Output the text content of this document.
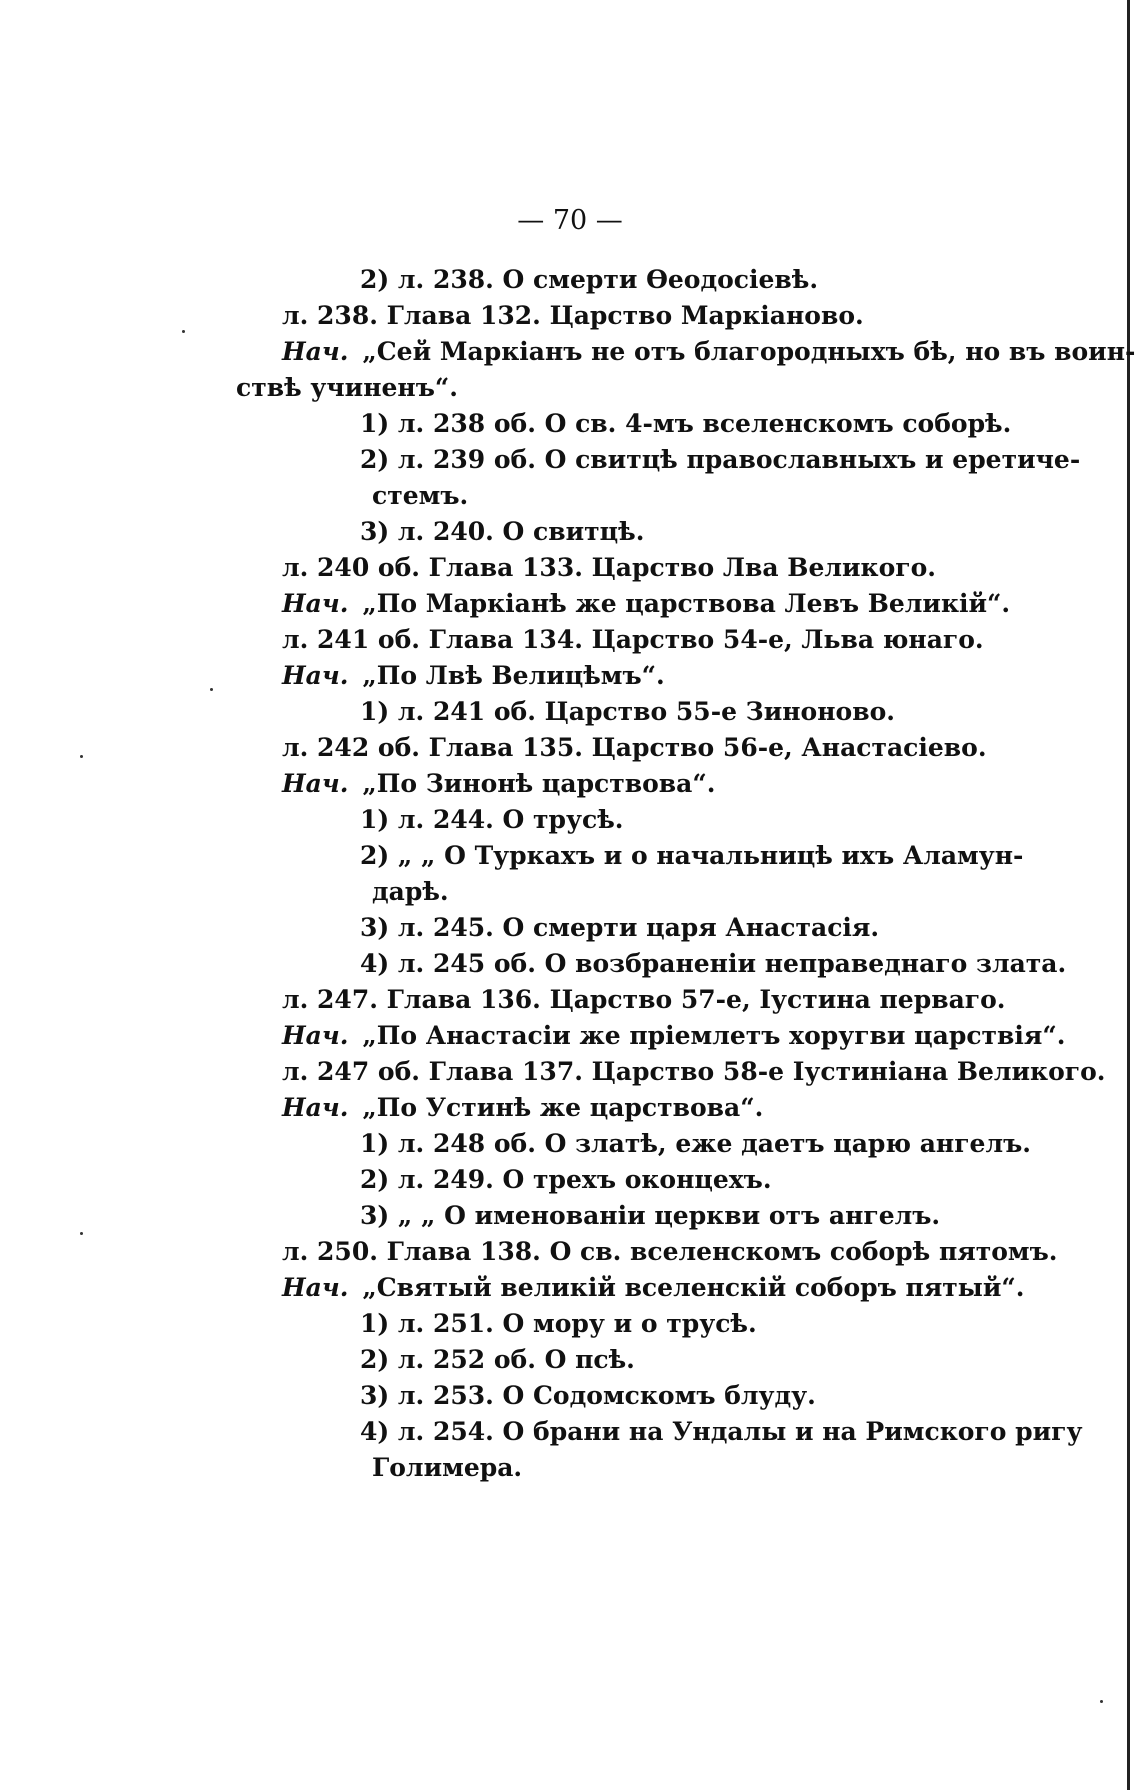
— 70 —
2) л. 238. О смерти Өеодосіевѣ.
л. 238. Глава 132. Царство Маркіаново.
Нач. „Сей Маркіанъ не отъ благородныхъ бѣ, но въ воин-
ствѣ учиненъ“.
1) л. 238 об. О св. 4-мъ вселенскомъ соборѣ.
2) л. 239 об. О свитцѣ православныхъ и еретиче-
стемъ.
3) л. 240. О свитцѣ.
л. 240 об. Глава 133. Царство Лва Великого.
Нач. „По Маркіанѣ же царствова Левъ Великій“.
л. 241 об. Глава 134. Царство 54-е, Льва юнаго.
Нач. „По Лвѣ Велицѣмъ“.
1) л. 241 об. Царство 55-е Зиноново.
л. 242 об. Глава 135. Царство 56-е, Анастасіево.
Нач. „По Зинонѣ царствова“.
1) л. 244. О трусѣ.
2) „ „ О Туркахъ и о начальницѣ ихъ Аламун-
дарѣ.
3) л. 245. О смерти царя Анастасія.
4) л. 245 об. О возбраненіи неправеднаго злата.
л. 247. Глава 136. Царство 57-е, Іустина перваго.
Нач. „По Анастасіи же пріемлетъ хоругви царствія“.
л. 247 об. Глава 137. Царство 58-е Іустиніана Великого.
Нач. „По Устинѣ же царствова“.
1) л. 248 об. О златѣ, еже даетъ царю ангелъ.
2) л. 249. О трехъ оконцехъ.
3) „ „ О именованіи церкви отъ ангелъ.
л. 250. Глава 138. О св. вселенскомъ соборѣ пятомъ.
Нач. „Святый великій вселенскій соборъ пятый“.
1) л. 251. О мору и о трусѣ.
2) л. 252 об. О псѣ.
3) л. 253. О Содомскомъ блуду.
4) л. 254. О брани на Ундалы и на Римского ригу
Голимера.
